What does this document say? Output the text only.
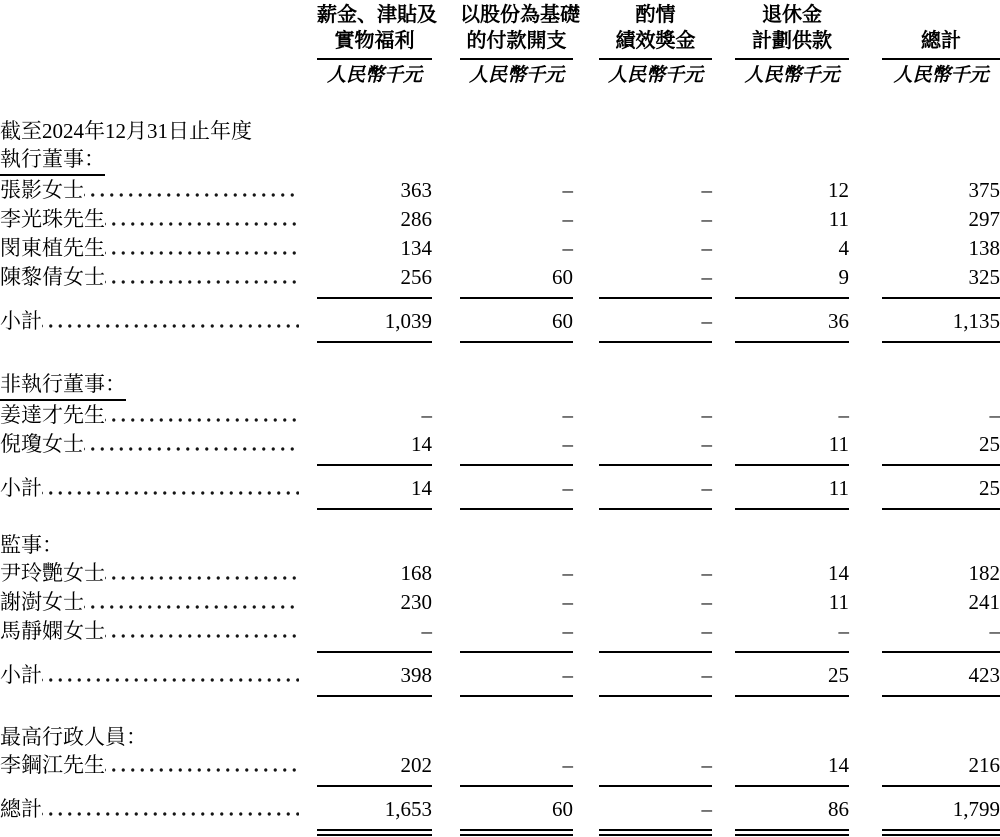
薪金、津貼及
實物福利
人民幣千元

以股份為基礎
的付款開支
人民幣千元

酌情
績效獎金
人民幣千元

退休金
計劃供款
人民幣千元

總計
人民幣千元

截至2024年12月31日止年度					

執行董事：					

張影女士	363	–	–	12	375

李光珠先生	286	–	–	11	297

閔東植先生	134	–	–	4	138

陳黎倩女士	256	60	–	9	325

小計	1,039	60	–	36	1,135

非執行董事：					

姜達才先生	–	–	–	–	–

倪瓊女士	14	–	–	11	25

小計	14	–	–	11	25

監事：					

尹玲艷女士	168	–	–	14	182

謝澍女士	230	–	–	11	241

馬靜嫻女士	–	–	–	–	–

小計	398	–	–	25	423

最高行政人員：					

李鋼江先生	202	–	–	14	216

總計	1,653	60	–	86	1,799
